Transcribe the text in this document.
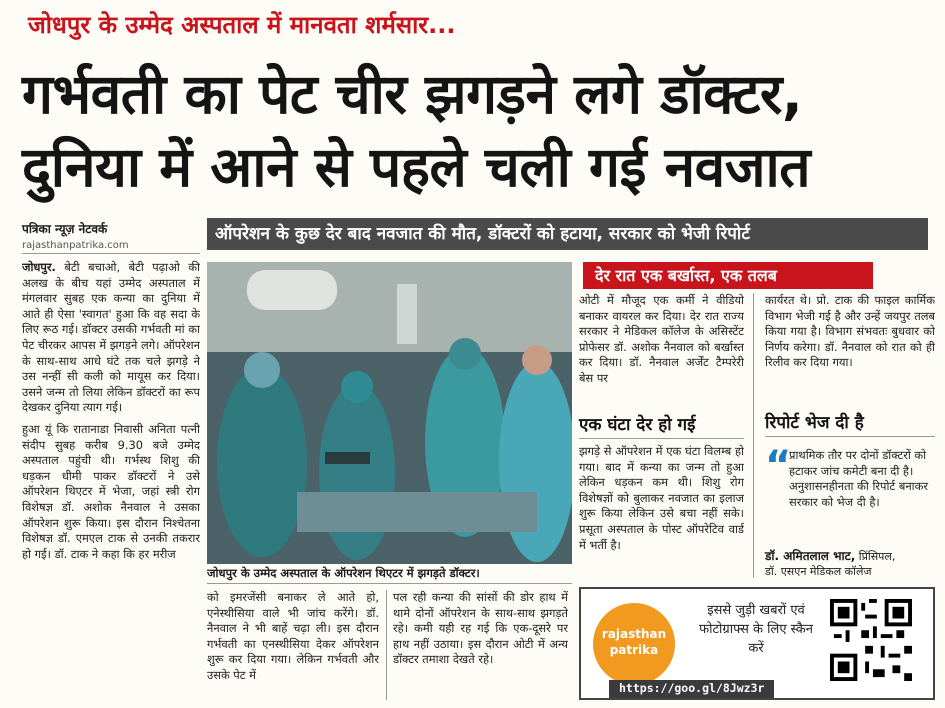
जोधपुर के उम्मेद अस्पताल में मानवता शर्मसार...
गर्भवती का पेट चीर झगड़ने लगे डॉक्टर,
दुनिया में आने से पहले चली गई नवजात
पत्रिका न्यूज़ नेटवर्क
rajasthanpatrika.com

जोधपुर. बेटी बचाओ, बेटी पढ़ाओ की अलख के बीच यहां उम्मेद अस्पताल में मंगलवार सुबह एक कन्या का दुनिया में आते ही ऐसा 'स्वागत' हुआ कि वह सदा के लिए रूठ गई। डॉक्टर उसकी गर्भवती मां का पेट चीरकर आपस में झगड़ने लगे। ऑपरेशन के साथ-साथ आधे घंटे तक चले झगड़े ने उस नन्हीं सी कली को मायूस कर दिया। उसने जन्म तो लिया लेकिन डॉक्टरों का रूप देखकर दुनिया त्याग गई।

हुआ यूं कि रातानाडा निवासी अनिता पत्नी संदीप सुबह करीब 9.30 बजे उम्मेद अस्पताल पहुंची थी। गर्भस्थ शिशु की धड़कन धीमी पाकर डॉक्टरों ने उसे ऑपरेशन थिएटर में भेजा, जहां स्त्री रोग विशेषज्ञ डॉ. अशोक नैनवाल ने उसका ऑपरेशन शुरू किया। इस दौरान निश्चेतना विशेषज्ञ डॉ. एमएल टाक से उनकी तकरार हो गई। डॉ. टाक ने कहा कि हर मरीज

ऑपरेशन के कुछ देर बाद नवजात की मौत, डॉक्टरों को हटाया, सरकार को भेजी रिपोर्ट
देर रात एक बर्खास्त, एक तलब
जोधपुर के उम्मेद अस्पताल के ऑपरेशन थिएटर में झगड़ते डॉक्टर।

को इमरजेंसी बनाकर ले आते हो, एनेस्थीसिया वाले भी जांच करेंगे। डॉ. नैनवाल ने भी बाहें चढ़ा ली। इस दौरान गर्भवती का एनस्थीसिया देकर ऑपरेशन शुरू कर दिया गया। लेकिन गर्भवती और उसके पेट में

पल रही कन्या की सांसों की डोर हाथ में थामे दोनों ऑपरेशन के साथ-साथ झगड़ते रहे। कमी यही रह गई कि एक-दूसरे पर हाथ नहीं उठाया। इस दौरान ओटी में अन्य डॉक्टर तमाशा देखते रहे।

ओटी में मौजूद एक कर्मी ने वीडियो बनाकर वायरल कर दिया। देर रात राज्य सरकार ने मेडिकल कॉलेज के असिस्टेंट प्रोफेसर डॉ. अशोक नैनवाल को बर्खास्त कर दिया। डॉ. नैनवाल अर्जेंट टैम्परेरी बेस पर

एक घंटा देर हो गई

झगड़े से ऑपरेशन में एक घंटा विलम्ब हो गया। बाद में कन्या का जन्म तो हुआ लेकिन धड़कन कम थी। शिशु रोग विशेषज्ञों को बुलाकर नवजात का इलाज शुरू किया लेकिन उसे बचा नहीं सके। प्रसूता अस्पताल के पोस्ट ऑपरेटिव वार्ड में भर्ती है।

कार्यरत थे। प्रो. टाक की फाइल कार्मिक विभाग भेजी गई है और उन्हें जयपुर तलब किया गया है। विभाग संभवतः बुधवार को निर्णय करेगा। डॉ. नैनवाल को रात को ही रिलीव कर दिया गया।

रिपोर्ट भेज दी है
“

प्राथमिक तौर पर दोनों डॉक्टरों को हटाकर जांच कमेटी बना दी है। अनुशासनहीनता की रिपोर्ट बनाकर सरकार को भेज दी है।

डॉ. अमितलाल भाट, प्रिंसिपल,
डॉ. एसएन मेडिकल कॉलेज
rajasthan
patrika
इससे जुड़ी खबरों एवं फोटोग्राफ्स के लिए स्कैन करें
https://goo.gl/8Jwz3r
